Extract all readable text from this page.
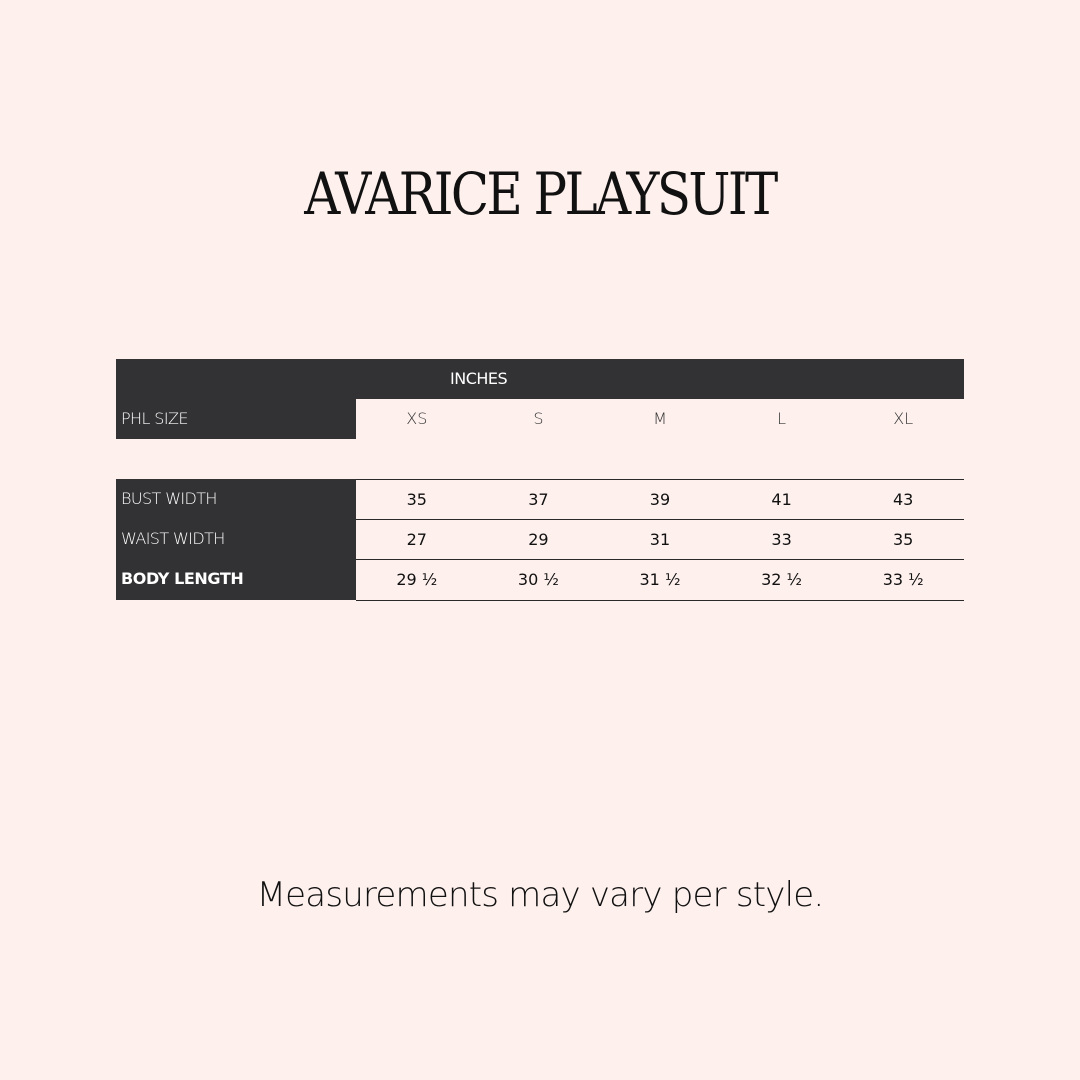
AVARICE PLAYSUIT
INCHES
PHL SIZE	XS	S	M	L	XL
BUST WIDTH	35	37	39	41	43
WAIST WIDTH	27	29	31	33	35
BODY LENGTH	29 ½	30 ½	31 ½	32 ½	33 ½
Measurements may vary per style.
